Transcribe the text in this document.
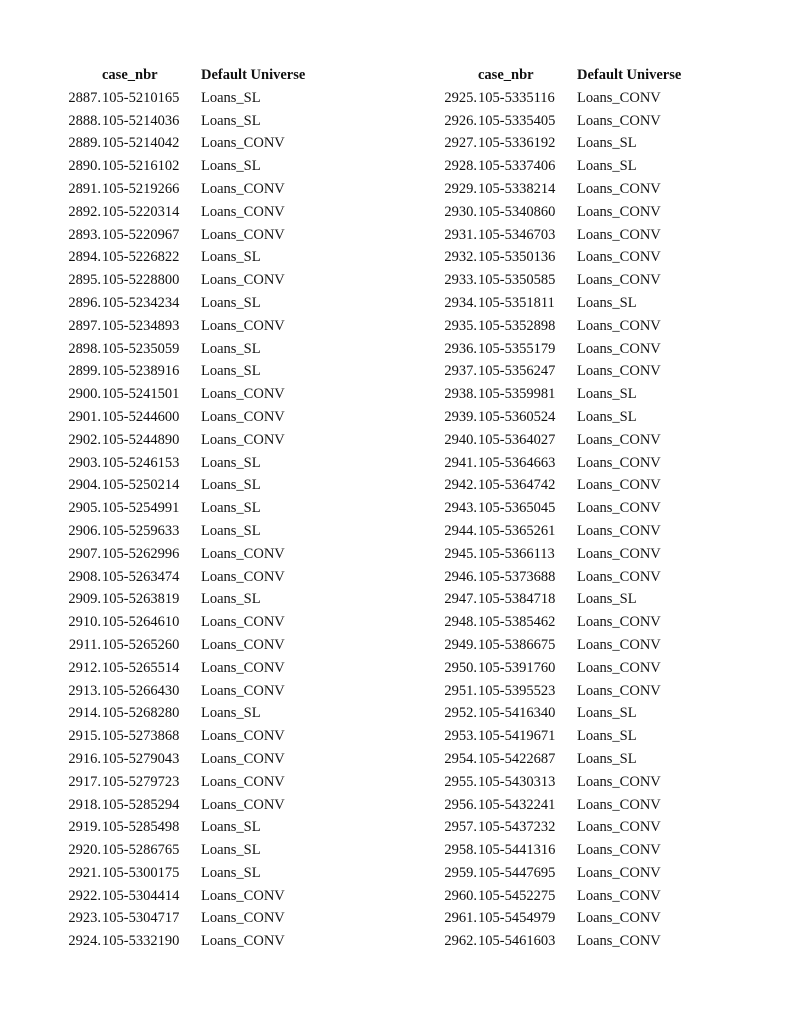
	case_nbr	Default Universe
2887.	105-5210165	Loans_SL
2888.	105-5214036	Loans_SL
2889.	105-5214042	Loans_CONV
2890.	105-5216102	Loans_SL
2891.	105-5219266	Loans_CONV
2892.	105-5220314	Loans_CONV
2893.	105-5220967	Loans_CONV
2894.	105-5226822	Loans_SL
2895.	105-5228800	Loans_CONV
2896.	105-5234234	Loans_SL
2897.	105-5234893	Loans_CONV
2898.	105-5235059	Loans_SL
2899.	105-5238916	Loans_SL
2900.	105-5241501	Loans_CONV
2901.	105-5244600	Loans_CONV
2902.	105-5244890	Loans_CONV
2903.	105-5246153	Loans_SL
2904.	105-5250214	Loans_SL
2905.	105-5254991	Loans_SL
2906.	105-5259633	Loans_SL
2907.	105-5262996	Loans_CONV
2908.	105-5263474	Loans_CONV
2909.	105-5263819	Loans_SL
2910.	105-5264610	Loans_CONV
2911.	105-5265260	Loans_CONV
2912.	105-5265514	Loans_CONV
2913.	105-5266430	Loans_CONV
2914.	105-5268280	Loans_SL
2915.	105-5273868	Loans_CONV
2916.	105-5279043	Loans_CONV
2917.	105-5279723	Loans_CONV
2918.	105-5285294	Loans_CONV
2919.	105-5285498	Loans_SL
2920.	105-5286765	Loans_SL
2921.	105-5300175	Loans_SL
2922.	105-5304414	Loans_CONV
2923.	105-5304717	Loans_CONV
2924.	105-5332190	Loans_CONV
	case_nbr	Default Universe
2925.	105-5335116	Loans_CONV
2926.	105-5335405	Loans_CONV
2927.	105-5336192	Loans_SL
2928.	105-5337406	Loans_SL
2929.	105-5338214	Loans_CONV
2930.	105-5340860	Loans_CONV
2931.	105-5346703	Loans_CONV
2932.	105-5350136	Loans_CONV
2933.	105-5350585	Loans_CONV
2934.	105-5351811	Loans_SL
2935.	105-5352898	Loans_CONV
2936.	105-5355179	Loans_CONV
2937.	105-5356247	Loans_CONV
2938.	105-5359981	Loans_SL
2939.	105-5360524	Loans_SL
2940.	105-5364027	Loans_CONV
2941.	105-5364663	Loans_CONV
2942.	105-5364742	Loans_CONV
2943.	105-5365045	Loans_CONV
2944.	105-5365261	Loans_CONV
2945.	105-5366113	Loans_CONV
2946.	105-5373688	Loans_CONV
2947.	105-5384718	Loans_SL
2948.	105-5385462	Loans_CONV
2949.	105-5386675	Loans_CONV
2950.	105-5391760	Loans_CONV
2951.	105-5395523	Loans_CONV
2952.	105-5416340	Loans_SL
2953.	105-5419671	Loans_SL
2954.	105-5422687	Loans_SL
2955.	105-5430313	Loans_CONV
2956.	105-5432241	Loans_CONV
2957.	105-5437232	Loans_CONV
2958.	105-5441316	Loans_CONV
2959.	105-5447695	Loans_CONV
2960.	105-5452275	Loans_CONV
2961.	105-5454979	Loans_CONV
2962.	105-5461603	Loans_CONV
